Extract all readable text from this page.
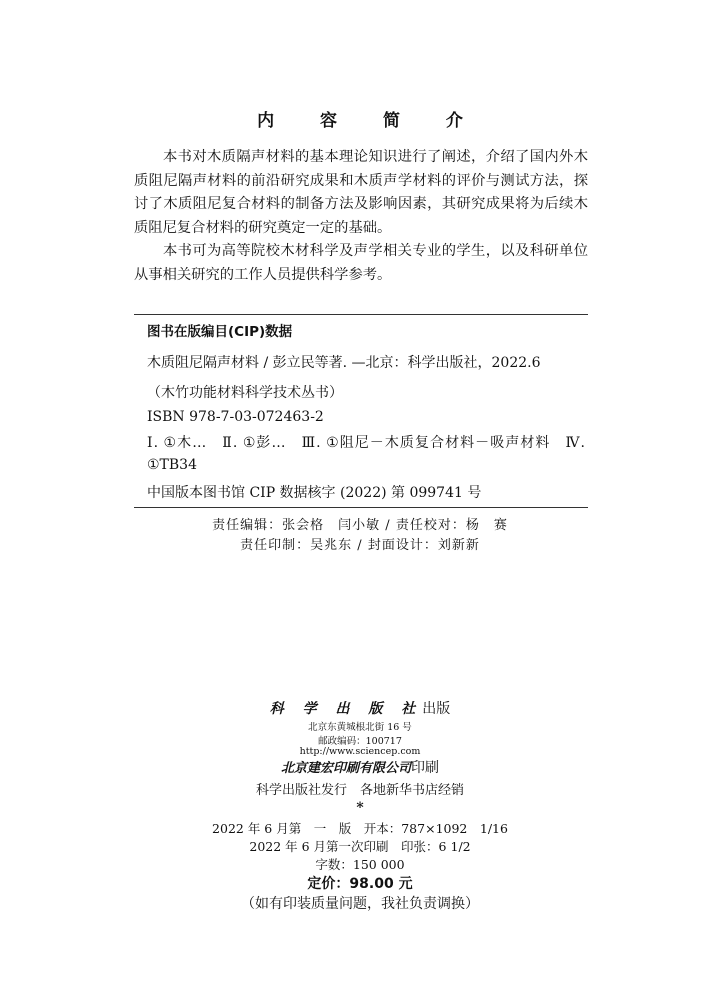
内 容 简 介

本书对木质隔声材料的基本理论知识进行了阐述，介绍了国内外木质阻尼隔声材料的前沿研究成果和木质声学材料的评价与测试方法，探讨了木质阻尼复合材料的制备方法及影响因素，其研究成果将为后续木质阻尼复合材料的研究奠定一定的基础。

本书可为高等院校木材科学及声学相关专业的学生，以及科研单位从事相关研究的工作人员提供科学参考。

图书在版编目(CIP)数据
木质阻尼隔声材料 / 彭立民等著. —北京：科学出版社，2022.6
（木竹功能材料科学技术丛书）
ISBN 978-7-03-072463-2
Ⅰ. ①木…　Ⅱ. ①彭…　Ⅲ. ①阻尼－木质复合材料－吸声材料　Ⅳ. ①TB34
中国版本图书馆 CIP 数据核字 (2022) 第 099741 号
责任编辑：张会格　闫小敏 / 责任校对：杨　赛
责任印制：吴兆东 / 封面设计：刘新新
科 学 出 版 社出版
北京东黄城根北街 16 号
邮政编码：100717
http://www.sciencep.com
北京建宏印刷有限公司印刷
科学出版社发行　各地新华书店经销
*
2022 年 6 月第　一　版　开本：787×1092　1/16
2022 年 6 月第一次印刷　印张：6 1/2
字数：150 000
定价：98.00 元
（如有印装质量问题，我社负责调换）
